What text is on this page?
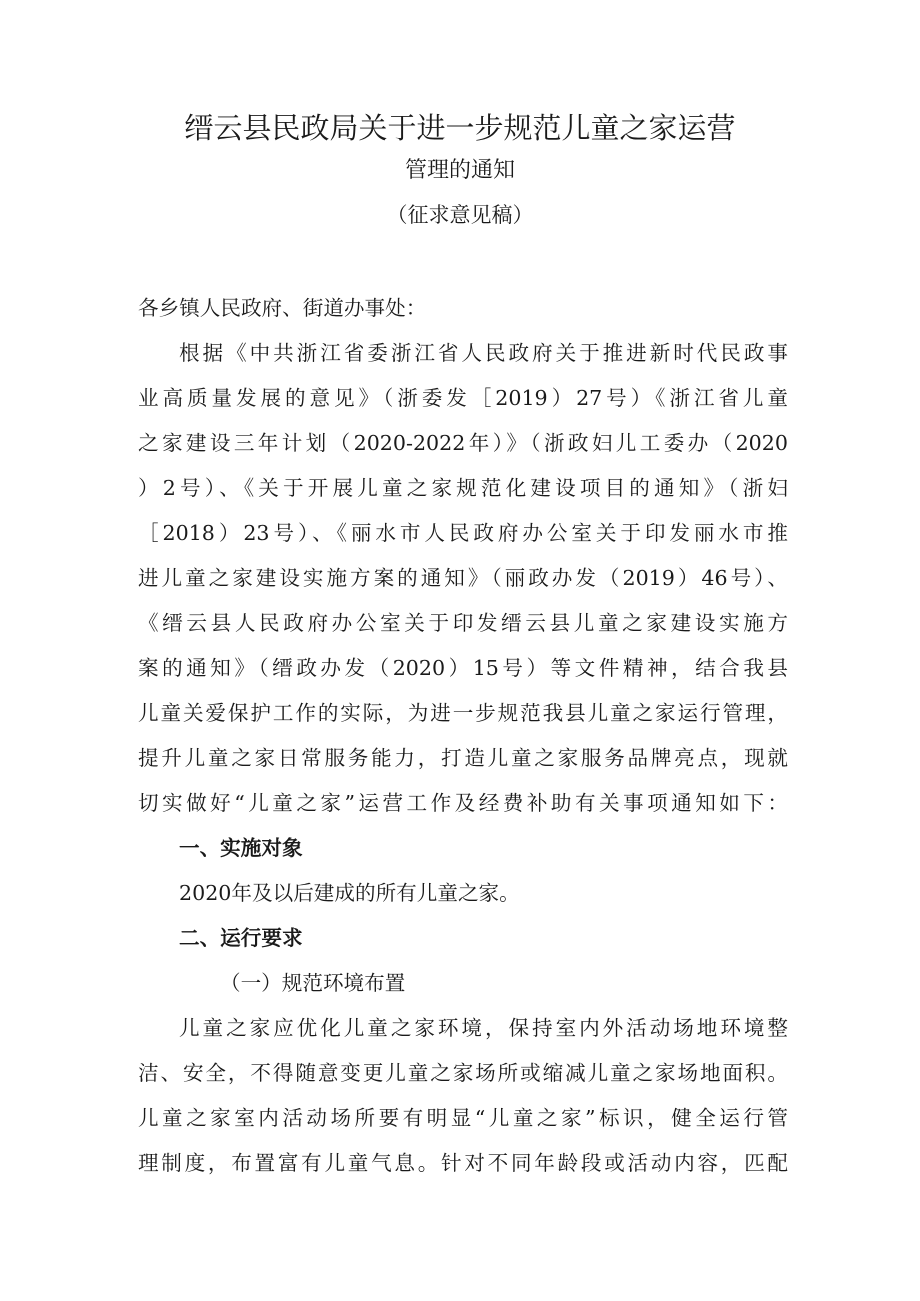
缙云县民政局关于进一步规范儿童之家运营
管理的通知
（征求意见稿）
各乡镇人民政府、街道办事处：
根据《中共浙江省委浙江省人民政府关于推进新时代民政事
业高质量发展的意见》（浙委发［2019）27号）《浙江省儿童
之家建设三年计划（2020-2022年）》（浙政妇儿工委办（2020
）2号）、《关于开展儿童之家规范化建设项目的通知》（浙妇
［2018）23号）、《丽水市人民政府办公室关于印发丽水市推
进儿童之家建设实施方案的通知》（丽政办发（2019）46号）、
《缙云县人民政府办公室关于印发缙云县儿童之家建设实施方
案的通知》（缙政办发（2020）15号）等文件精神，结合我县
儿童关爱保护工作的实际，为进一步规范我县儿童之家运行管理，
提升儿童之家日常服务能力，打造儿童之家服务品牌亮点，现就
切实做好“儿童之家”运营工作及经费补助有关事项通知如下：
一、实施对象
2020年及以后建成的所有儿童之家。
二、运行要求
（一）规范环境布置
儿童之家应优化儿童之家环境，保持室内外活动场地环境整
洁、安全，不得随意变更儿童之家场所或缩减儿童之家场地面积。
儿童之家室内活动场所要有明显“儿童之家”标识，健全运行管
理制度，布置富有儿童气息。针对不同年龄段或活动内容，匹配
